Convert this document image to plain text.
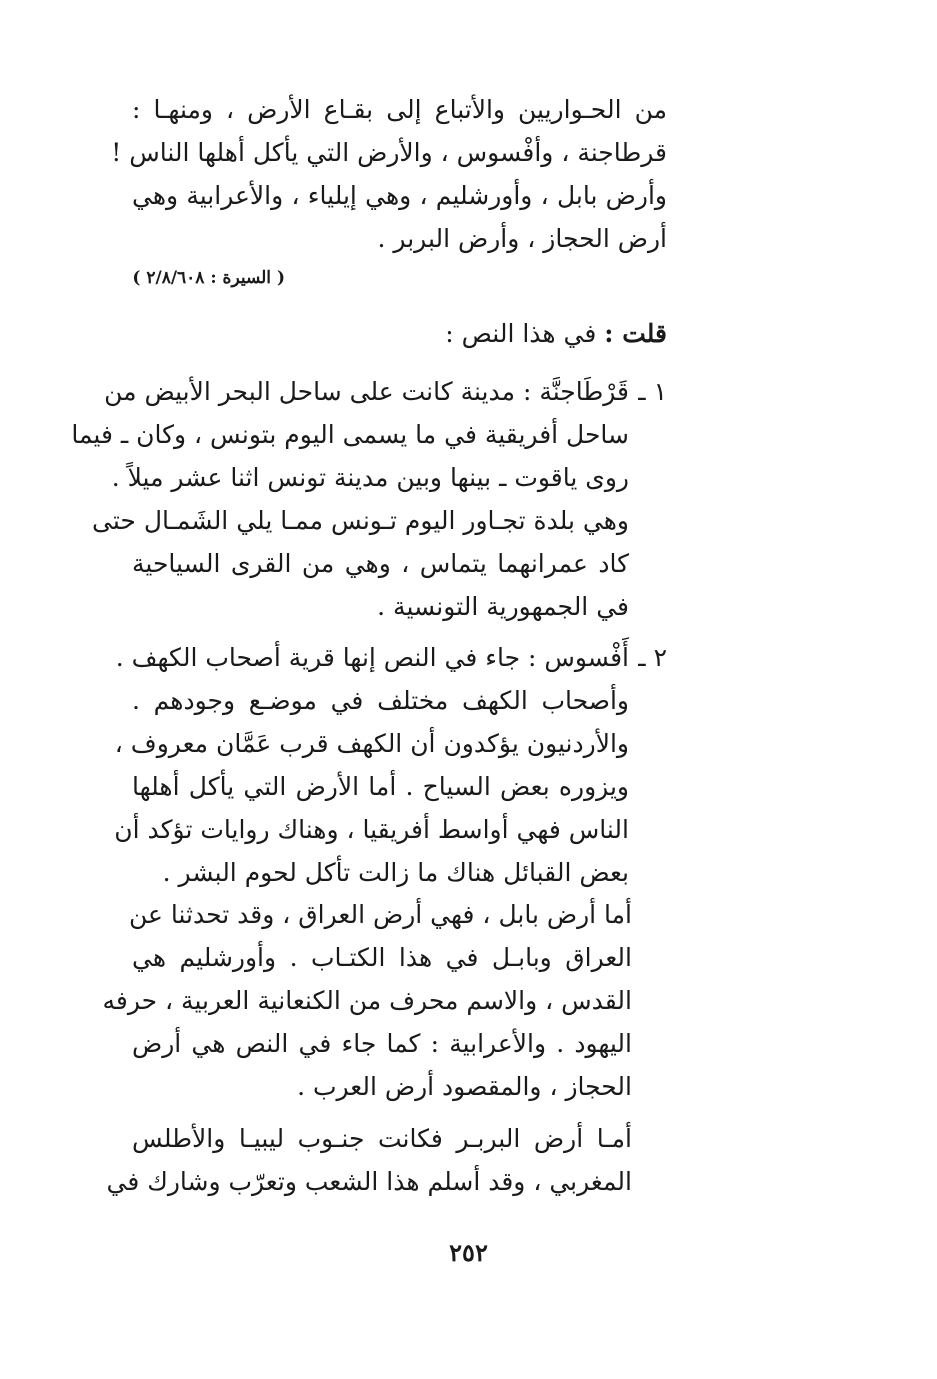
من الحـواريين والأتباع إلى بقـاع الأرض ، ومنهـا :
قرطاجنة ، وأفْسوس ، والأرض التي يأكل أهلها الناس !
وأرض بابل ، وأورشليم ، وهي إيلياء ، والأعرابية وهي
أرض الحجاز ، وأرض البربر .
( السيرة : ٢/٨/٦٠٨ )
قلت : في هذا النص :
١ ـ
قَرْطَاجنَّة : مدينة كانت على ساحل البحر الأبيض من
ساحل أفريقية في ما يسمى اليوم بتونس ، وكان ـ فيما
روى ياقوت ـ بينها وبين مدينة تونس اثنا عشر ميلاً .
وهي بلدة تجـاور اليوم تـونس ممـا يلي الشَمـال حتى
كاد عمرانهما يتماس ، وهي من القرى السياحية
في الجمهورية التونسية .
٢ ـ
أَفْسوس : جاء في النص إنها قرية أصحاب الكهف .
وأصحاب الكهف مختلف في موضـع وجودهم .
والأردنيون يؤكدون أن الكهف قرب عَمَّان معروف ،
ويزوره بعض السياح . أما الأرض التي يأكل أهلها
الناس فهي أواسط أفريقيا ، وهناك روايات تؤكد أن
بعض القبائل هناك ما زالت تأكل لحوم البشر .
أما أرض بابل ، فهي أرض العراق ، وقد تحدثنا عن
العراق وبابـل في هذا الكتـاب . وأورشليم هي
القدس ، والاسم محرف من الكنعانية العربية ، حرفه
اليهود . والأعرابية : كما جاء في النص هي أرض
الحجاز ، والمقصود أرض العرب .
أمـا أرض البربـر فكانت جنـوب ليبيـا والأطلس
المغربي ، وقد أسلم هذا الشعب وتعرّب وشارك في
٢٥٢
